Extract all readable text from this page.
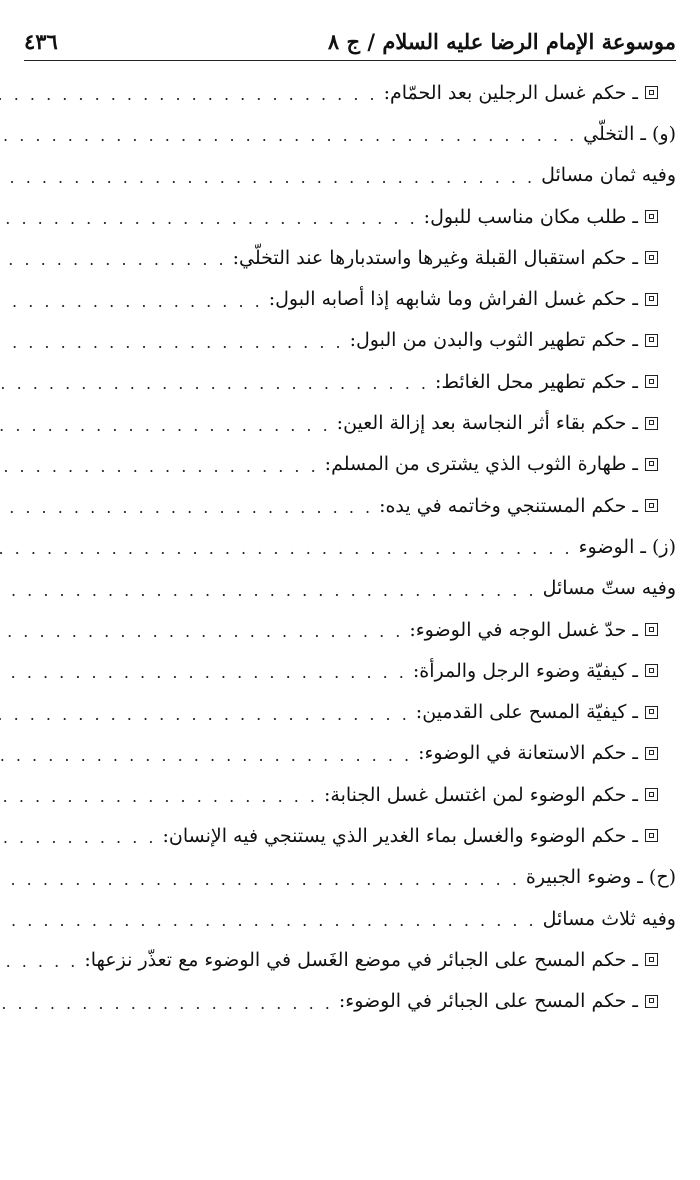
موسوعة الإمام الرضا عليه السلام / ج ٨
٤٣٦
ـ حكم غسل الرجلين بعد الحمّام:
. . .
(و) ـ التخلّي
. . .
وفيه ثمان مسائل
. . .
ـ طلب مكان مناسب للبول:
. . .
ـ حكم استقبال القبلة وغيرها واستدبارها عند التخلّي:
. . .
ـ حكم غسل الفراش وما شابهه إذا أصابه البول:
. . .
ـ حكم تطهير الثوب والبدن من البول:
. . .
ـ حكم تطهير محل الغائط:
. . .
ـ حكم بقاء أثر النجاسة بعد إزالة العين:
. . .
ـ طهارة الثوب الذي يشترى من المسلم:
. . .
ـ حكم المستنجي وخاتمه في يده:
. . .
(ز) ـ الوضوء
. . .
وفيه ستّ مسائل
. . .
ـ حدّ غسل الوجه في الوضوء:
. . .
ـ كيفيّة وضوء الرجل والمرأة:
. . .
ـ كيفيّة المسح على القدمين:
. . .
ـ حكم الاستعانة في الوضوء:
. . .
ـ حكم الوضوء لمن اغتسل غسل الجنابة:
. . .
ـ حكم الوضوء والغسل بماء الغدير الذي يستنجي فيه الإنسان:
. . .
(ح) ـ وضوء الجبيرة
. . .
وفيه ثلاث مسائل
. . .
ـ حكم المسح على الجبائر في موضع الغَسل في الوضوء مع تعذّر نزعها:
. . .
ـ حكم المسح على الجبائر في الوضوء:
. . .
